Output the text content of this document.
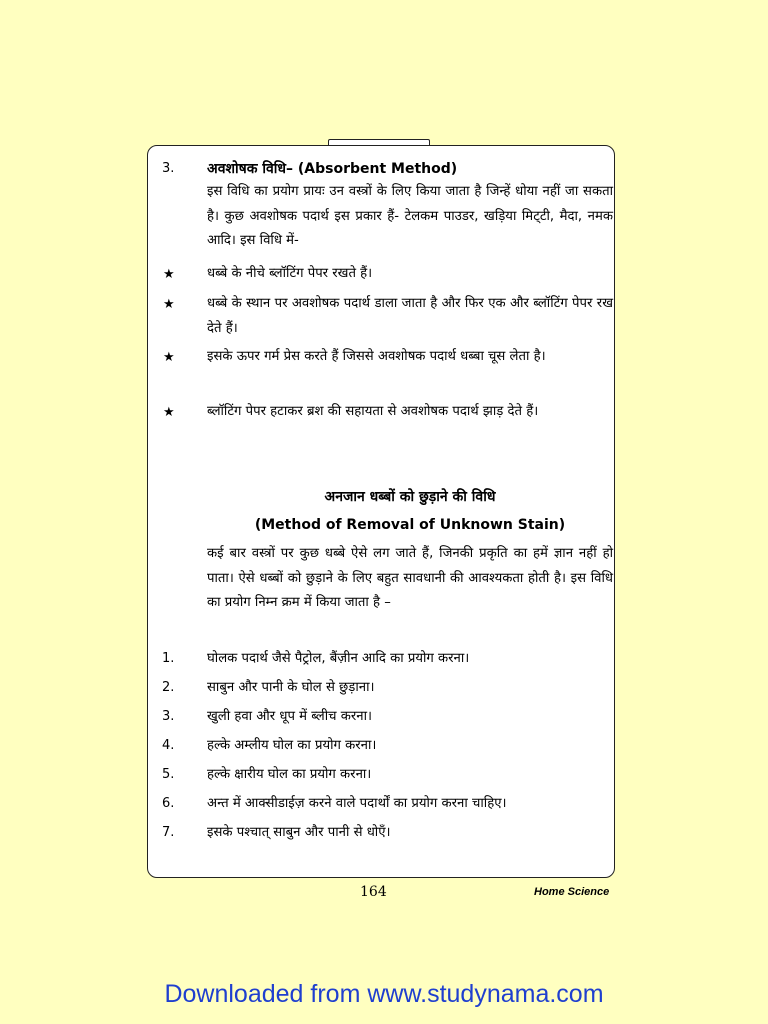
3. अवशोषक विधि– (Absorbent Method)
इस विधि का प्रयोग प्रायः उन वस्त्रों के लिए किया जाता है जिन्हें धोया नहीं जा सकता है। कुछ अवशोषक पदार्थ इस प्रकार हैं- टेलकम पाउडर, खड़िया मिट्‌टी, मैदा, नमक आदि। इस विधि में-
★ धब्बे के नीचे ब्लॉटिंग पेपर रखते हैं।
★ धब्बे के स्थान पर अवशोषक पदार्थ डाला जाता है और फिर एक और ब्लॉटिंग पेपर रख देते हैं।
★ इसके ऊपर गर्म प्रेस करते हैं जिससे अवशोषक पदार्थ धब्बा चूस लेता है।
★ ब्लॉटिंग पेपर हटाकर ब्रश की सहायता से अवशोषक पदार्थ झाड़ देते हैं।
अनजान धब्बों को छुड़ाने की विधि
(Method of Removal of Unknown Stain)
कई बार वस्त्रों पर कुछ धब्बे ऐसे लग जाते हैं, जिनकी प्रकृति का हमें ज्ञान नहीं हो पाता। ऐसे धब्बों को छुड़ाने के लिए बहुत सावधानी की आवश्यकता होती है। इस विधि का प्रयोग निम्न क्रम में किया जाता है –
1. घोलक पदार्थ जैसे पैट्रोल, बैंज़ीन आदि का प्रयोग करना।
2. साबुन और पानी के घोल से छुड़ाना।
3. खुली हवा और धूप में ब्लीच करना।
4. हल्के अम्लीय घोल का प्रयोग करना।
5. हल्के क्षारीय घोल का प्रयोग करना।
6. अन्त में आक्सीडाईज़ करने वाले पदार्थों का प्रयोग करना चाहिए।
7. इसके पश्चात् साबुन और पानी से धोएँ।
164	Home Science
Downloaded from www.studynama.com
